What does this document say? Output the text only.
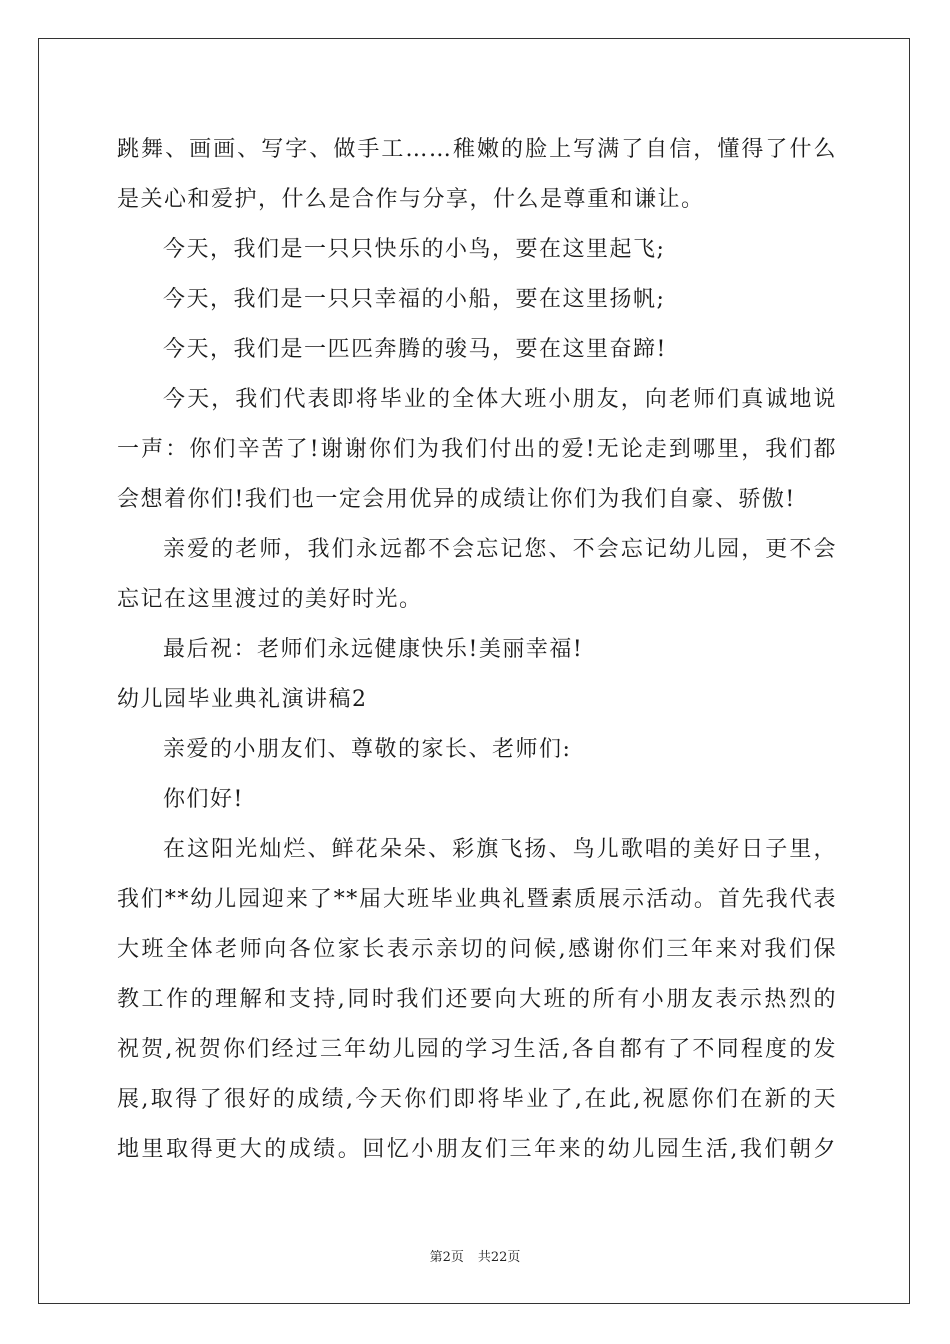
跳舞、画画、写字、做手工……稚嫩的脸上写满了自信，懂得了什么
是关心和爱护，什么是合作与分享，什么是尊重和谦让。
今天，我们是一只只快乐的小鸟，要在这里起飞;
今天，我们是一只只幸福的小船，要在这里扬帆;
今天，我们是一匹匹奔腾的骏马，要在这里奋蹄!
今天，我们代表即将毕业的全体大班小朋友，向老师们真诚地说
一声：你们辛苦了!谢谢你们为我们付出的爱!无论走到哪里，我们都
会想着你们!我们也一定会用优异的成绩让你们为我们自豪、骄傲!
亲爱的老师，我们永远都不会忘记您、不会忘记幼儿园，更不会
忘记在这里渡过的美好时光。
最后祝：老师们永远健康快乐!美丽幸福!
幼儿园毕业典礼演讲稿2
亲爱的小朋友们、尊敬的家长、老师们:
你们好!
在这阳光灿烂、鲜花朵朵、彩旗飞扬、鸟儿歌唱的美好日子里，
我们**幼儿园迎来了**届大班毕业典礼暨素质展示活动。首先我代表
大班全体老师向各位家长表示亲切的问候,感谢你们三年来对我们保
教工作的理解和支持,同时我们还要向大班的所有小朋友表示热烈的
祝贺,祝贺你们经过三年幼儿园的学习生活,各自都有了不同程度的发
展,取得了很好的成绩,今天你们即将毕业了,在此,祝愿你们在新的天
地里取得更大的成绩。回忆小朋友们三年来的幼儿园生活,我们朝夕
第2页 共22页
